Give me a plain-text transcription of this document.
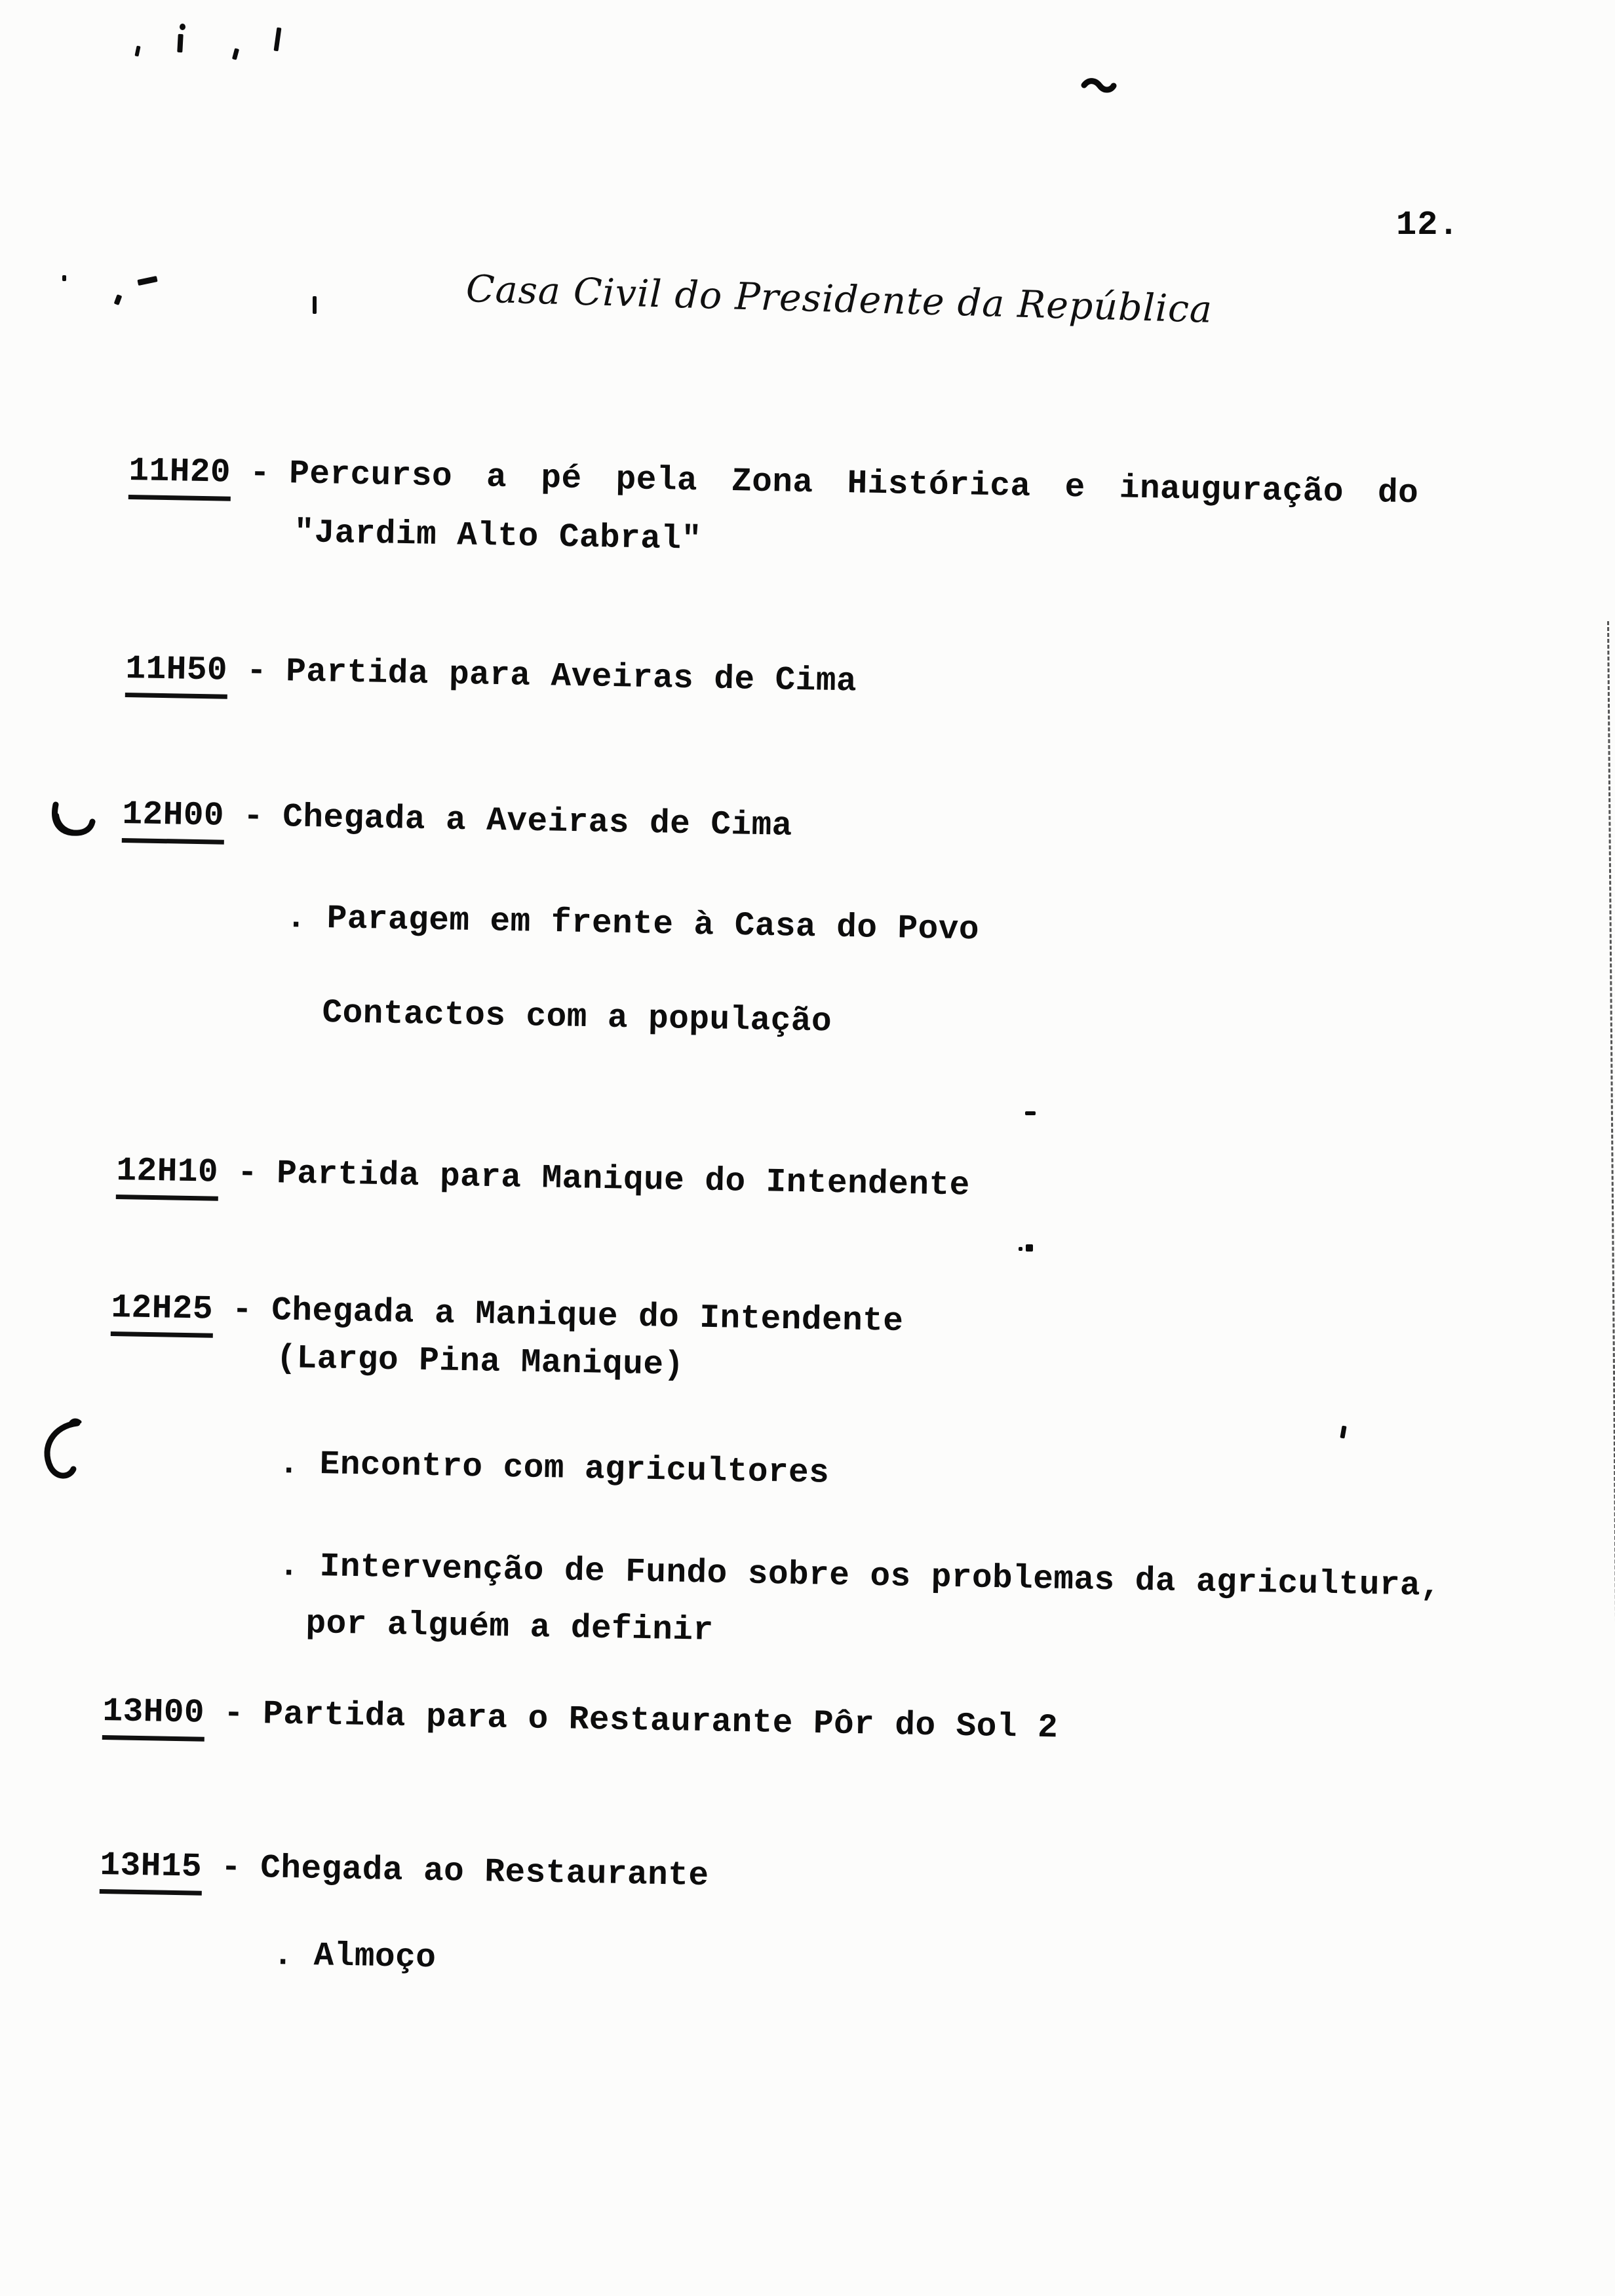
12.
Casa Civil do Presidente da República
11H20 - Percurso a pé pela Zona Histórica e inauguração do
"Jardim Alto Cabral"
11H50 - Partida para Aveiras de Cima
12H00 - Chegada a Aveiras de Cima
. Paragem em frente à Casa do Povo
Contactos com a população
12H10 - Partida para Manique do Intendente
12H25 - Chegada a Manique do Intendente
(Largo Pina Manique)
. Encontro com agricultores
. Intervenção de Fundo sobre os problemas da agricultura,
por alguém a definir
13H00 - Partida para o Restaurante Pôr do Sol 2
13H15 - Chegada ao Restaurante
. Almoço
